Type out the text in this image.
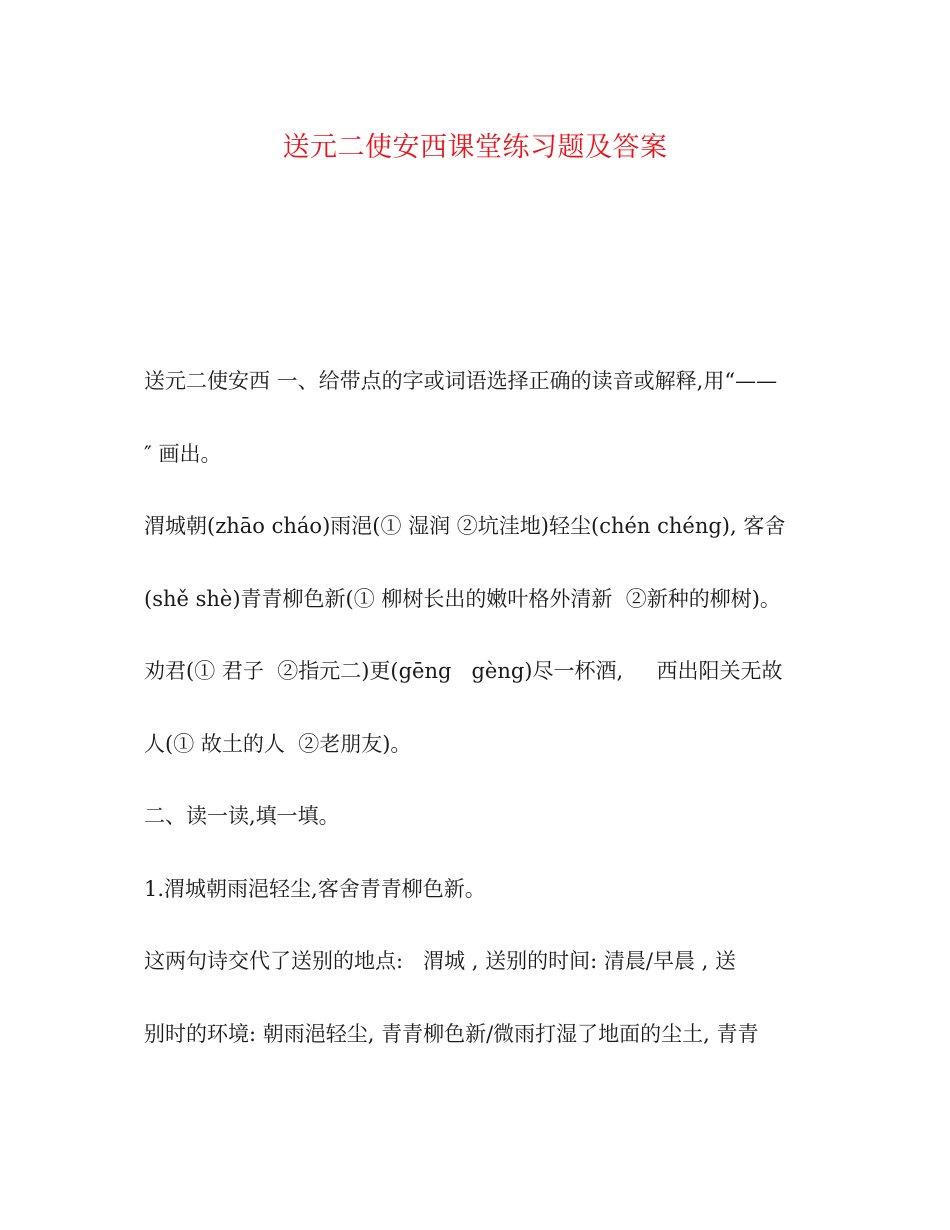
送元二使安西课堂练习题及答案

送元二使安西 一、给带点的字或词语选择正确的读音或解释,用“——

″ 画出。

渭城朝(zhāo cháo)雨浥(① 湿润 ②坑洼地)轻尘(chén chéng), 客舍

(shě shè)青青柳色新(① 柳树长出的嫩叶格外清新  ②新种的柳树)。

劝君(① 君子  ②指元二)更(gēng   gèng)尽一杯酒,     西出阳关无故

人(① 故土的人  ②老朋友)。

二、读一读,填一填。

1.渭城朝雨浥轻尘,客舍青青柳色新。

这两句诗交代了送别的地点:   渭城 , 送别的时间: 清晨/早晨 , 送

别时的环境: 朝雨浥轻尘, 青青柳色新/微雨打湿了地面的尘土, 青青
